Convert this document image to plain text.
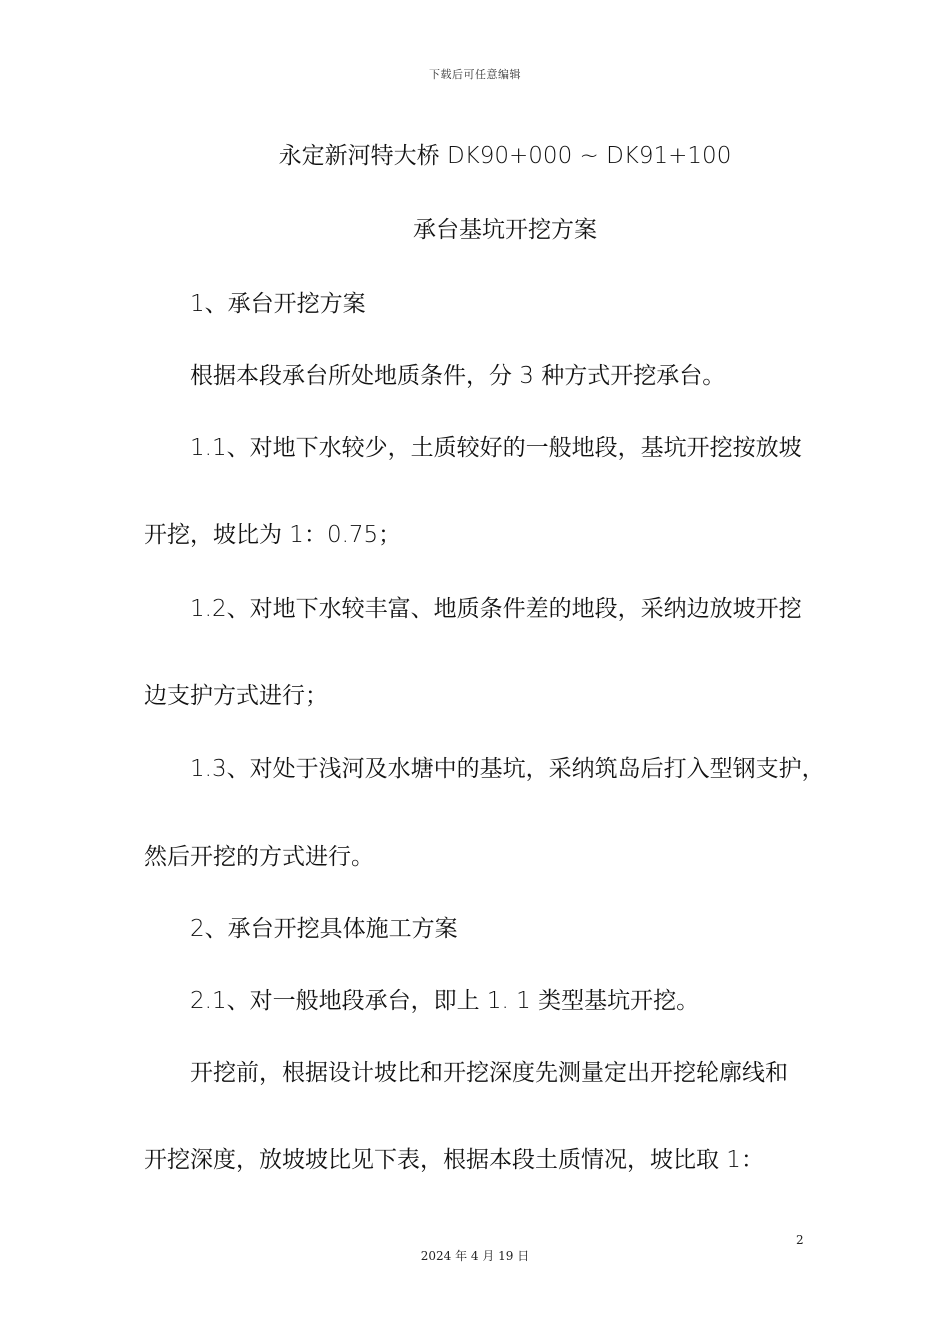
下载后可任意编辑
永定新河特大桥 DK90+000 ~ DK91+100
承台基坑开挖方案
1、承台开挖方案
根据本段承台所处地质条件，分 3 种方式开挖承台。
1.1、对地下水较少，土质较好的一般地段，基坑开挖按放坡
开挖，坡比为 1：0.75；
1.2、对地下水较丰富、地质条件差的地段，采纳边放坡开挖
边支护方式进行；
1.3、对处于浅河及水塘中的基坑，采纳筑岛后打入型钢支护，
然后开挖的方式进行。
2、承台开挖具体施工方案
2.1、对一般地段承台，即上 1. 1 类型基坑开挖。
开挖前，根据设计坡比和开挖深度先测量定出开挖轮廓线和
开挖深度，放坡坡比见下表，根据本段土质情况，坡比取 1：
2
2024 年 4 月 19 日
